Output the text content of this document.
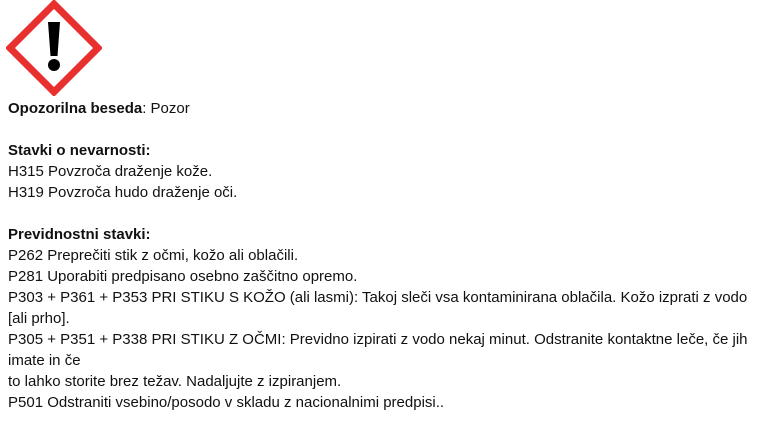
Opozorilna beseda: Pozor
Stavki o nevarnosti:
H315 Povzroča draženje kože.
H319 Povzroča hudo draženje oči.
Previdnostni stavki:
P262 Preprečiti stik z očmi, kožo ali oblačili.
P281 Uporabiti predpisano osebno zaščitno opremo.
P303 + P361 + P353 PRI STIKU S KOŽO (ali lasmi): Takoj sleči vsa kontaminirana oblačila. Kožo izprati z vodo [ali prho].
P305 + P351 + P338 PRI STIKU Z OČMI: Previdno izpirati z vodo nekaj minut. Odstranite kontaktne leče, če jih imate in če
to lahko storite brez težav. Nadaljujte z izpiranjem.
P501 Odstraniti vsebino/posodo v skladu z nacionalnimi predpisi..
